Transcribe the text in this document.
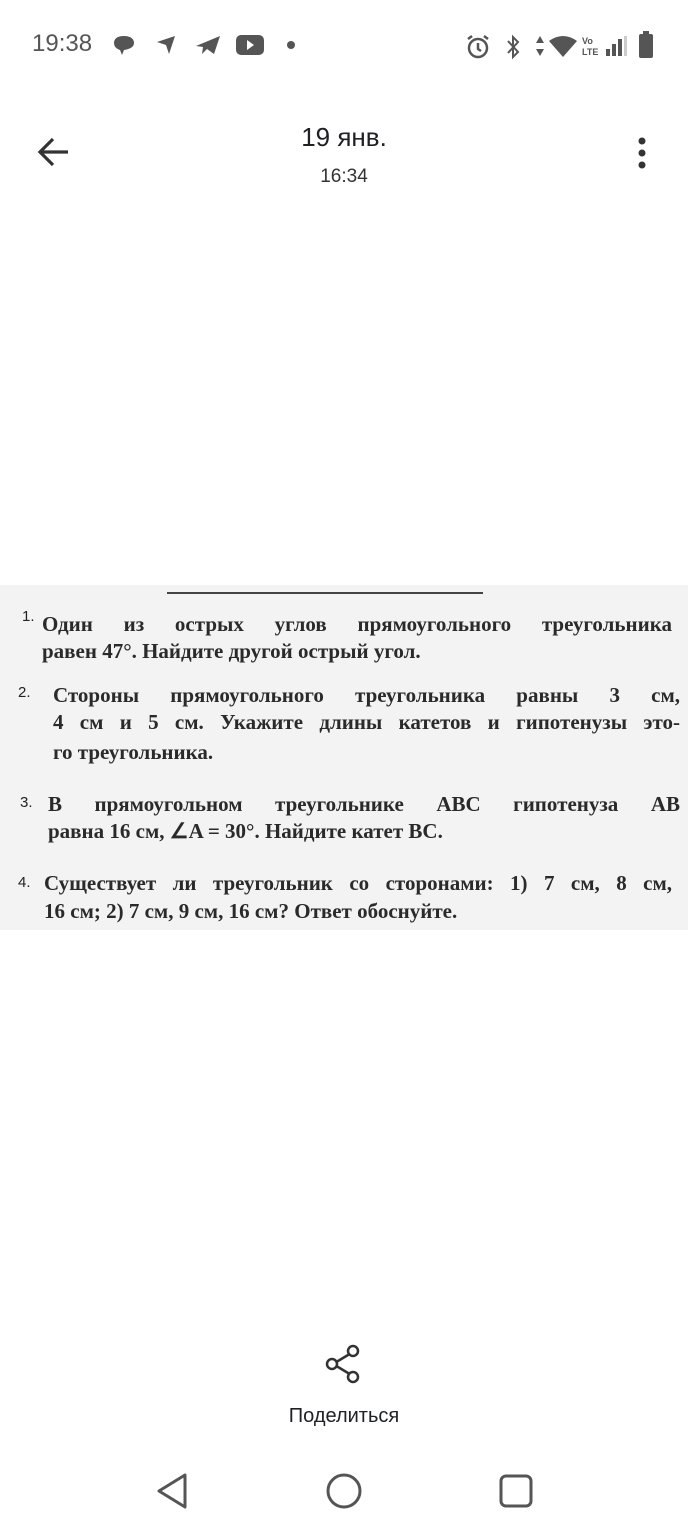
19:38	Vo
LTE
19 янв.
16:34
1. Один из острых углов прямоугольного треугольника
равен 47°. Найдите другой острый угол.
2. Стороны прямоугольного треугольника равны 3 см,
4 см и 5 см. Укажите длины катетов и гипотенузы это-
го треугольника.
3. В прямоугольном треугольнике ABC гипотенуза AB
равна 16 см, ∠A = 30°. Найдите катет BC.
4. Существует ли треугольник со сторонами: 1) 7 см, 8 см,
16 см; 2) 7 см, 9 см, 16 см? Ответ обоснуйте.
Поделиться
